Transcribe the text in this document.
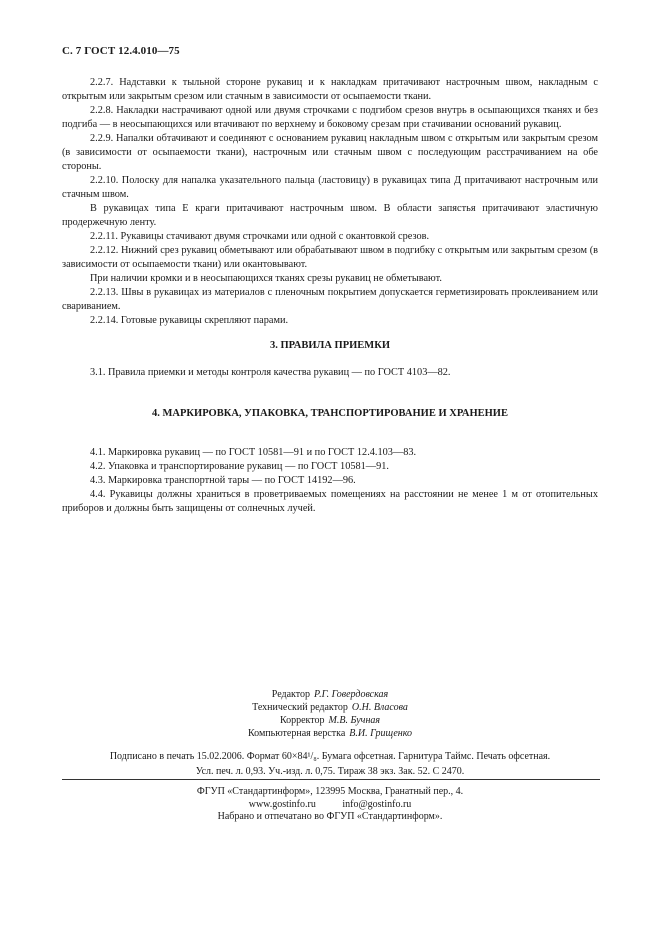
С. 7 ГОСТ 12.4.010—75

2.2.7. Надставки к тыльной стороне рукавиц и к накладкам притачивают настрочным швом, накладным с открытым или закрытым срезом или стачным в зависимости от осыпаемости ткани.

2.2.8. Накладки настрачивают одной или двумя строчками с подгибом срезов внутрь в осыпающихся тканях и без подгиба — в неосыпающихся или втачивают по верхнему и боковому срезам при стачивании оснований рукавиц.

2.2.9. Напалки обтачивают и соединяют с основанием рукавиц накладным швом с открытым или закрытым срезом (в зависимости от осыпаемости ткани), настрочным или стачным швом с последующим расстрачиванием на обе стороны.

2.2.10. Полоску для напалка указательного пальца (ластовицу) в рукавицах типа Д притачивают настрочным или стачным швом.

В рукавицах типа Е краги притачивают настрочным швом. В области запястья притачивают эластичную продержечную ленту.

2.2.11. Рукавицы стачивают двумя строчками или одной с окантовкой срезов.

2.2.12. Нижний срез рукавиц обметывают или обрабатывают швом в подгибку с открытым или закрытым срезом (в зависимости от осыпаемости ткани) или окантовывают.

При наличии кромки и в неосыпающихся тканях срезы рукавиц не обметывают.

2.2.13. Швы в рукавицах из материалов с пленочным покрытием допускается герметизировать проклеиванием или свариванием.

2.2.14. Готовые рукавицы скрепляют парами.

3. ПРАВИЛА ПРИЕМКИ

3.1. Правила приемки и методы контроля качества рукавиц — по ГОСТ 4103—82.

4. МАРКИРОВКА, УПАКОВКА, ТРАНСПОРТИРОВАНИЕ И ХРАНЕНИЕ

4.1. Маркировка рукавиц — по ГОСТ 10581—91 и по ГОСТ 12.4.103—83.

4.2. Упаковка и транспортирование рукавиц — по ГОСТ 10581—91.

4.3. Маркировка транспортной тары — по ГОСТ 14192—96.

4.4. Рукавицы должны храниться в проветриваемых помещениях на расстоянии не менее 1 м от отопительных приборов и должны быть защищены от солнечных лучей.

Редактор Р.Г. Говердовская
Технический редактор О.Н. Власова
Корректор М.В. Бучная
Компьютерная верстка В.И. Грищенко
Подписано в печать 15.02.2006. Формат 60×84¹/₈. Бумага офсетная. Гарнитура Таймс. Печать офсетная.
Усл. печ. л. 0,93. Уч.-изд. л. 0,75. Тираж 38 экз. Зак. 52. С 2470.
ФГУП «Стандартинформ», 123995 Москва, Гранатный пер., 4.
www.gostinfo.ru	info@gostinfo.ru
Набрано и отпечатано во ФГУП «Стандартинформ».
